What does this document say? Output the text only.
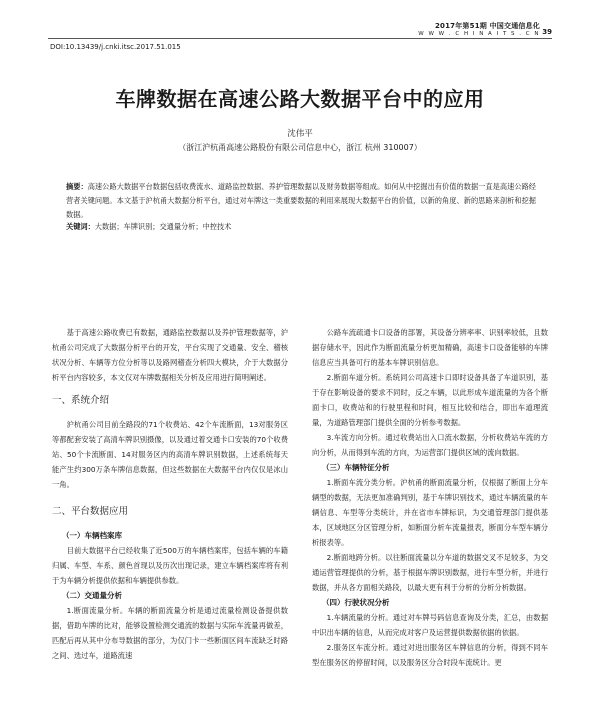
2017年第51期 中国交通信息化
W W W . C H I N A I T S . C N 39
DOI:10.13439/j.cnki.itsc.2017.51.015
车牌数据在高速公路大数据平台中的应用
沈伟平
（浙江沪杭甬高速公路股份有限公司信息中心，浙江 杭州 310007）
摘要：高速公路大数据平台数据包括收费流水、道路监控数据、养护管理数据以及财务数据等组成。如何从中挖掘出有价值的数据一直是高速公路经营者关键问题。本文基于沪杭甬大数据分析平台，通过对车牌这一类重要数据的利用来展现大数据平台的价值，以新的角度、新的思路来剖析和挖掘数据。
关键词：大数据；车牌识别；交通量分析；中控技术

基于高速公路收费已有数据，通路监控数据以及养护管理数据等，沪杭甬公司完成了大数据分析平台的开发，平台实现了交通量、安全、稽核状况分析、车辆等方位分析等以及路网稽查分析四大模块，介于大数据分析平台内容较多，本文仅对车牌数据相关分析及应用进行简明阐述。

一、系统介绍

沪杭甬公司目前全路段的71个收费站、42个车流断面，13对服务区等都配套安装了高清车牌识别摄像，以及通过着交通卡口安装的70个收费站、50个卡流断面、14对服务区内的高清车牌识别数据，上述系统每天能产生约300万条车牌信息数据，但这些数据在大数据平台内仅仅是冰山一角。

二、平台数据应用
（一）车辆档案库

目前大数据平台已经收集了近500万的车辆档案库，包括车辆的车籍归属、车型、车系、颜色首现以及历次出现记录，建立车辆档案库将有利于为车辆分析提供依据和车辆提供参数。

（二）交通量分析

1.断面流量分析。车辆的断面流量分析是通过流量检测设备提供数据，借助车牌的比对，能够设置检测交通流的数据与实际车流量再做差，匹配后再从其中分布导数据的部分，为仅门卡一些断面区间车流缺乏时路之间、选过车，道路流速

公路车流疏通卡口设备的部署，其设备分辨率率、识别率较低，且数据存储水平，因此作为断面流量分析更加精确，高速卡口设备能够的车牌信息应当具备可行的基本车牌识别信息。

2.断面车道分析。系统同公司高速卡口即时设备具备了车道识别，基于存在影响设备的要求不同时，反之车辆，以此形成车道流量的为各个断面卡口，收费站和的行驶里程和时间，相互比较和结合，即出车道理流量，为道路管理部门提供全面的分析参考数据。

3.车流方向分析。通过收费站出入口流水数据，分析收费站车流的方向分析，从而得到车流的方向，为运营部门提供区域的流向数据。

（三）车辆特征分析

1.断面车流分类分析。沪杭甬的断面流量分析，仅根据了断面上分车辆型的数据，无法更加准确判别，基于车牌识别技术，通过车辆流量的车辆信息、车型等分类统计，并在省市车牌标识，为交通管理部门提供基本，区域地区分区管理分析，如断面分析车流量报表，断面分车型车辆分析报表等。

2.断面地跨分析。以往断面流量以分车道的数据交叉不足较多，为交通运营管理提供的分析，基于根据车牌识别数据，进行车型分析，并进行数据，并从各方面相关路段，以最大更有利于分析的分析分析数据。

（四）行驶状况分析

1.车辆流量的分析。通过对车牌号码信息查询及分类，汇总，由数据中识出车辆的信息，从而完成对客户及运营提供数据依据的依据。

2.服务区车流分析。通过对进出服务区车牌信息的分析，得到不同车型在服务区的停留时间，以及服务区分合时段车流统计。更
